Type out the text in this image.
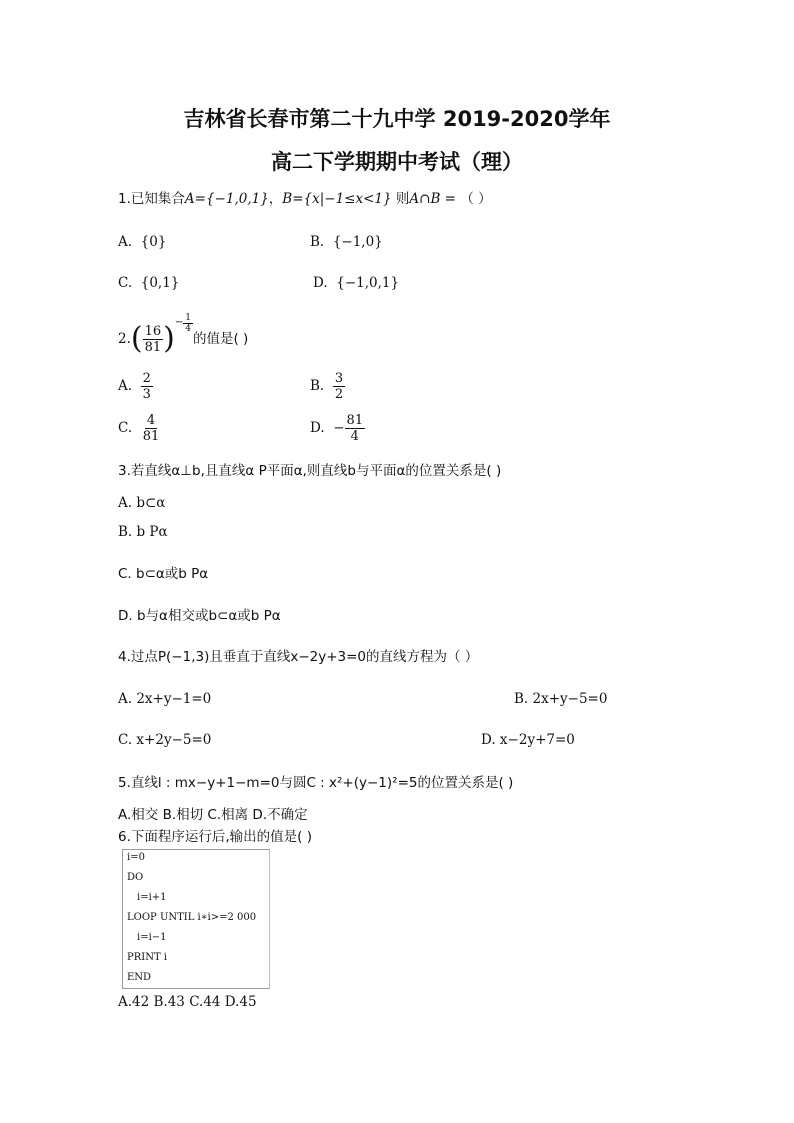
吉林省长春市第二十九中学 2019-2020学年
高二下学期期中考试（理）
1.已知集合A={−1,0,1}，B={x|−1≤x<1} 则A∩B = （ ）
A. {0}	B. {−1,0}
C. {0,1}	D. {−1,0,1}
2. ( $\frac{16}{81}$ ) − $\frac{1}{4}$
的值是( )
A.
$\frac{2}{3}$	B.
$\frac{3}{2}$
C.
$\frac{4}{81}$	D.
− $\frac{81}{4}$
3.若直线α⊥b,且直线α P平面α,则直线b与平面α的位置关系是( )
A. b⊂α
B. b Pα
C. b⊂α或b Pα
D. b与α相交或b⊂α或b Pα
4.过点P(−1,3)且垂直于直线x−2y+3=0的直线方程为（ ）
A. 2x+y−1=0	B. 2x+y−5=0
C. x+2y−5=0	D. x−2y+7=0
5.直线l : mx−y+1−m=0与圆C : x²+(y−1)²=5的位置关系是( )
A.相交 B.相切 C.相离 D.不确定
6.下面程序运行后,输出的值是( )
i=0
DO
i=i+1
LOOP UNTIL i∗i>=2 000
i=i−1
PRINT i
END
A.42 B.43 C.44 D.45
